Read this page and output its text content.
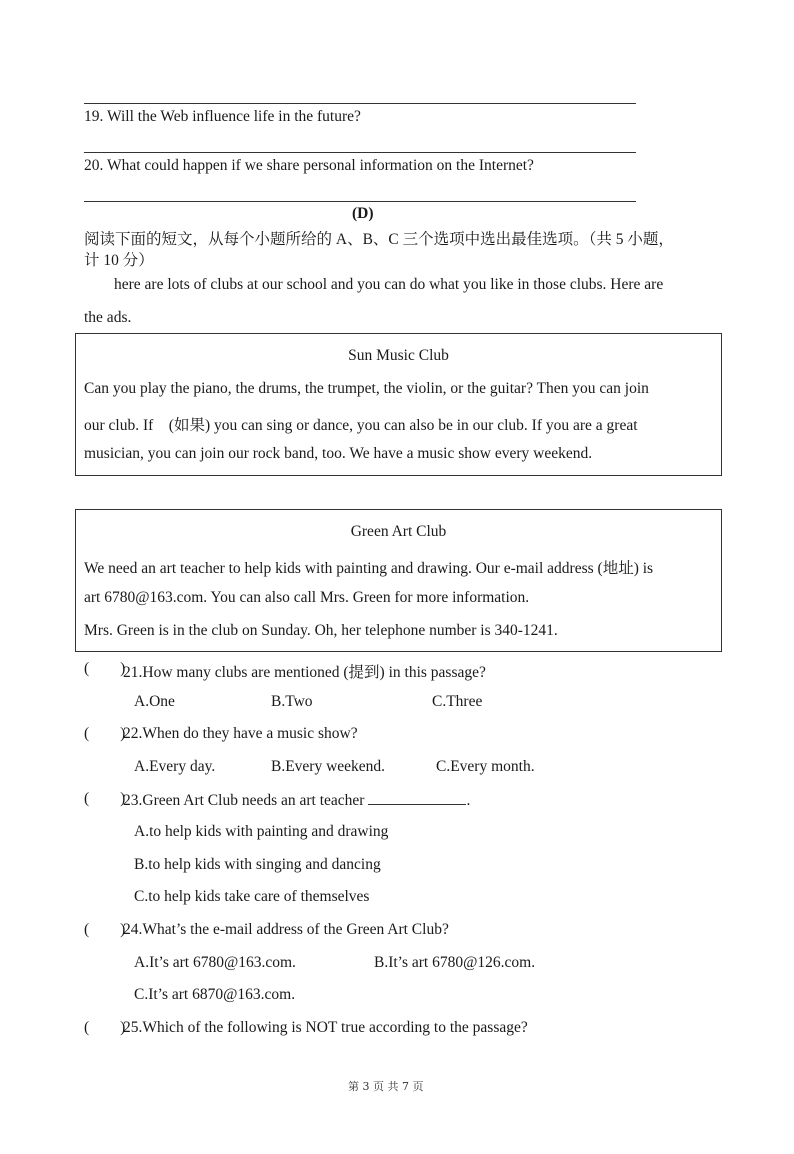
19. Will the Web influence life in the future?
20. What could happen if we share personal information on the Internet?
(D)
阅读下面的短文，从每个小题所给的 A、B、C 三个选项中选出最佳选项。（共 5 小题，
计 10 分）
here are lots of clubs at our school and you can do what you like in those clubs. Here are
the ads.
Sun Music Club
Can you play the piano, the drums, the trumpet, the violin, or the guitar? Then you can join
our club. If    (如果) you can sing or dance, you can also be in our club. If you are a great
musician, you can join our rock band, too. We have a music show every weekend.
Green Art Club
We need an art teacher to help kids with painting and drawing. Our e-mail address (地址) is
art 6780@163.com. You can also call Mrs. Green for more information.
Mrs. Green is in the club on Sunday. Oh, her telephone number is 340-1241.
(        )
21.How many clubs are mentioned (提到) in this passage?
A.One	B.Two	C.Three
(        )
22.When do they have a music show?
A.Every day.	B.Every weekend.	C.Every month.
(        )
23.Green Art Club needs an art teacher	.
A.to help kids with painting and drawing
B.to help kids with singing and dancing
C.to help kids take care of themselves
(        )
24.What’s the e-mail address of the Green Art Club?
A.It’s art 6780@163.com.	B.It’s art 6780@126.com.
C.It’s art 6870@163.com.
(        )
25.Which of the following is NOT true according to the passage?
第 3 页 共 7 页
